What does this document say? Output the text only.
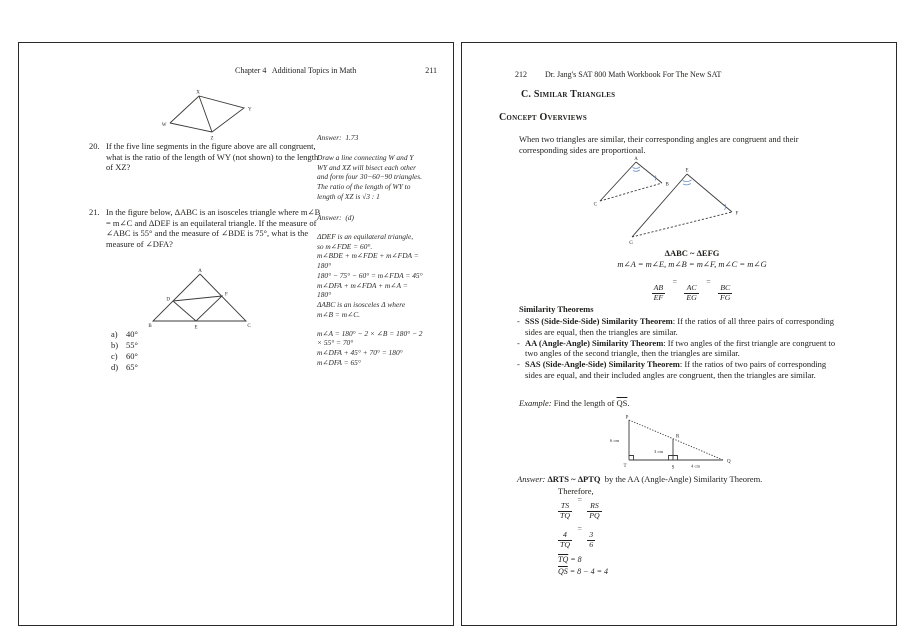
Chapter 4   Additional Topics in Math	211
X
Y
W
Z
20. If the five line segments in the figure above are all congruent, what is the ratio of the length of WY (not shown) to the length of XZ?
Answer:  1.73
Draw a line connecting W and Y
WY and XZ will bisect each other
and form four 30−60−90 triangles.
The ratio of the length of WY to
length of XZ is √3 : 1
21. In the figure below, ΔABC is an isosceles triangle where m∠B = m∠C and ΔDEF is an equilateral triangle. If the measure of ∠ABC is 55° and the measure of ∠BDE is 75°, what is the measure of ∠DFA?
A
D
F
B	E	C
a) 40°
b) 55°
c) 60°
d) 65°
Answer:  (d)
ΔDEF is an equilateral triangle,
so m∠FDE = 60°.
m∠BDE + m∠FDE + m∠FDA =
180°
180° − 75° − 60° = m∠FDA = 45°
m∠DFA + m∠FDA + m∠A =
180°
ΔABC is an isosceles Δ where
m∠B = m∠C.
m∠A = 180° − 2 × ∠B = 180° − 2
× 55° = 70°
m∠DFA + 45° + 70° = 180°
m∠DFA = 65°
212 Dr. Jang's SAT 800 Math Workbook For The New SAT
C. Similar Triangles
Concept Overviews
When two triangles are similar, their corresponding angles are congruent and their corresponding sides are proportional.
A
B
C
E
F
G
ΔABC ~ ΔEFG
m∠A = m∠E, m∠B = m∠F, m∠C = m∠G
$\frac{AB}{EF}$
=
$\frac{AC}{EG}$
=
$\frac{BC}{FG}$
Similarity Theorems
- SSS (Side-Side-Side) Similarity Theorem: If the ratios of all three pairs of corresponding sides are equal, then the triangles are similar.
- AA (Angle-Angle) Similarity Theorem: If two angles of the first triangle are congruent to two angles of the second triangle, then the triangles are similar.
- SAS (Side-Angle-Side) Similarity Theorem: If the ratios of two pairs of corresponding sides are equal, and their included angles are congruent, then the triangles are similar.
Example: Find the length of $\overline{QS}$.
P
T
Q
R
S
6 cm
3 cm
4 cm
Answer: ΔRTS ~ ΔPTQ  by the AA (Angle-Angle) Similarity Theorem.
Therefore,
$\frac{TS}{TQ}$
=
$\frac{RS}{PQ}$
$\frac{4}{TQ}$
=
$\frac{3}{6}$
$\overline{TQ} = 8$
$\overline{QS} = 8 - 4 = 4$
